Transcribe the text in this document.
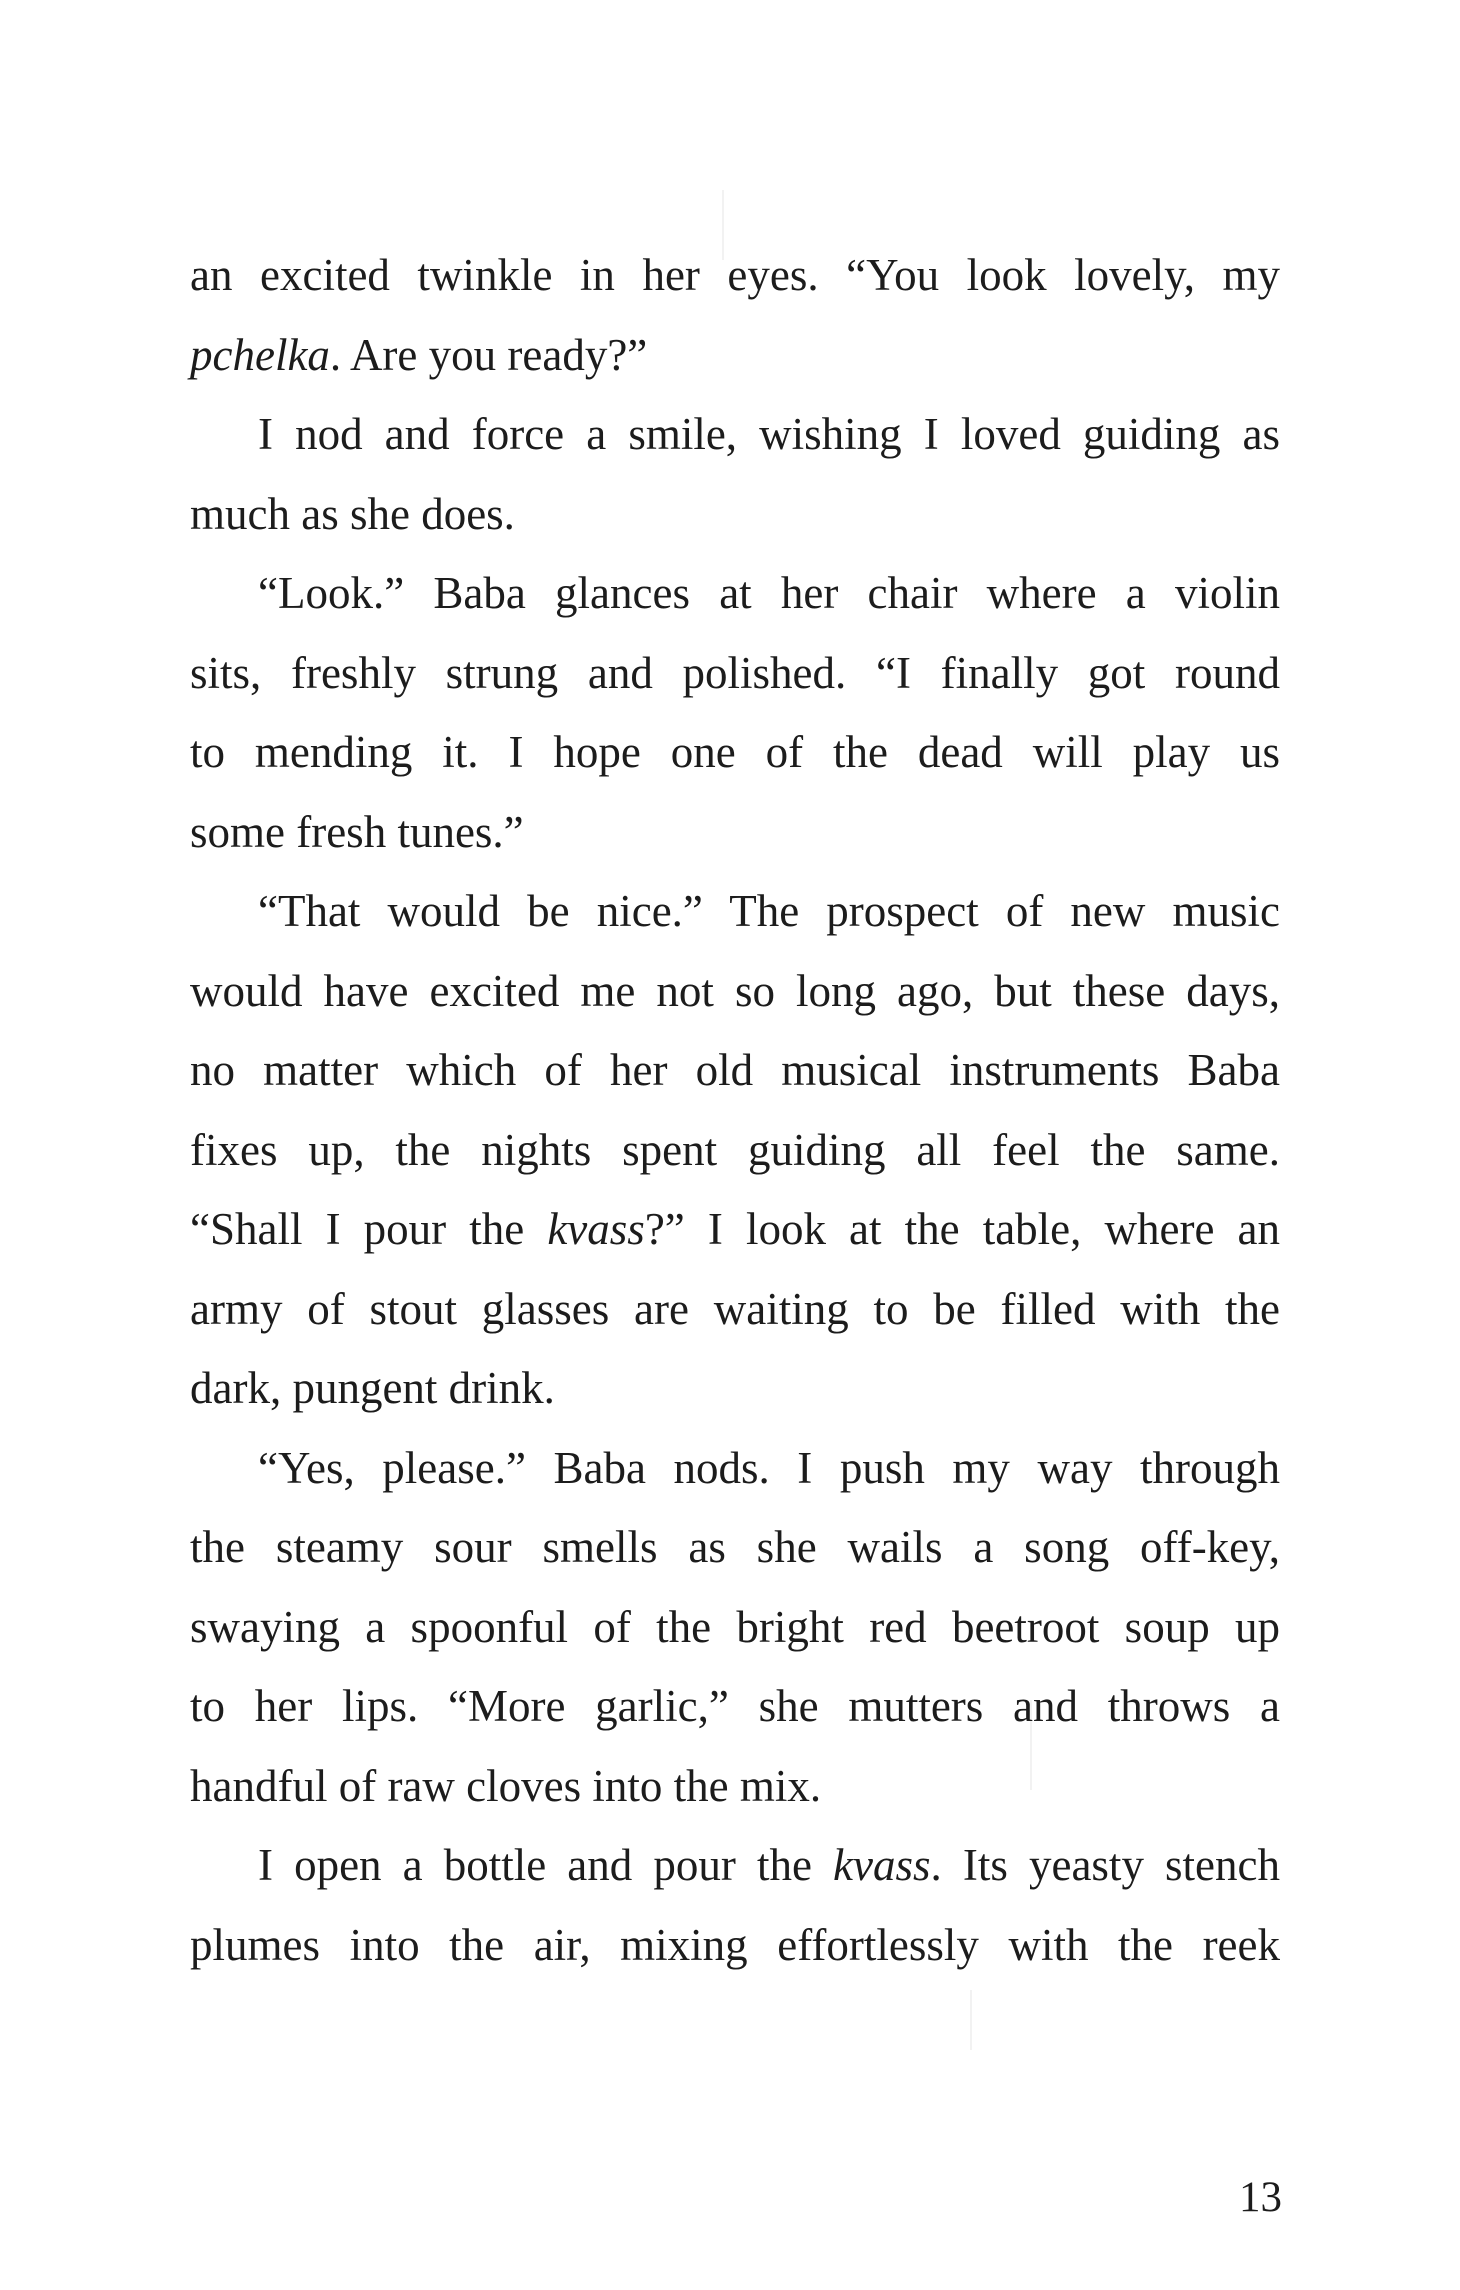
an excited twinkle in her eyes. “You look lovely, my
pchelka. Are you ready?”
I nod and force a smile, wishing I loved guiding as
much as she does.
“Look.” Baba glances at her chair where a violin
sits, freshly strung and polished. “I finally got round
to mending it. I hope one of the dead will play us
some fresh tunes.”
“That would be nice.” The prospect of new music
would have excited me not so long ago, but these days,
no matter which of her old musical instruments Baba
fixes up, the nights spent guiding all feel the same.
“Shall I pour the kvass?” I look at the table, where an
army of stout glasses are waiting to be filled with the
dark, pungent drink.
“Yes, please.” Baba nods. I push my way through
the steamy sour smells as she wails a song off-key,
swaying a spoonful of the bright red beetroot soup up
to her lips. “More garlic,” she mutters and throws a
handful of raw cloves into the mix.
I open a bottle and pour the kvass. Its yeasty stench
plumes into the air, mixing effortlessly with the reek
13
